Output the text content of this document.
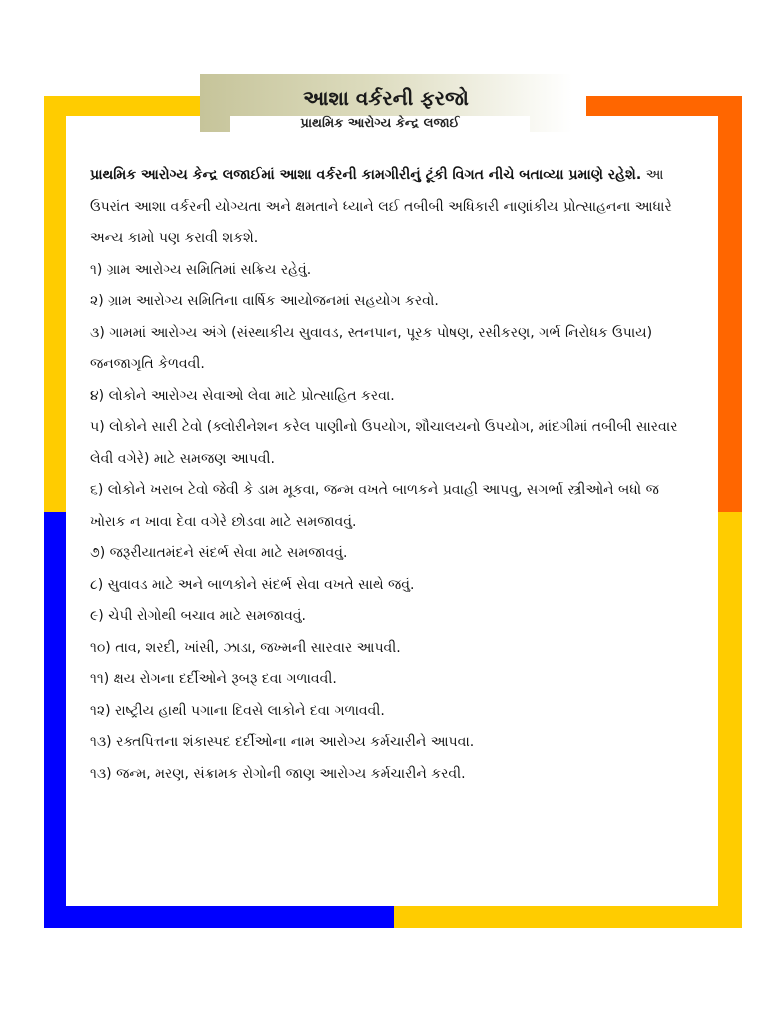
આશા વર્કરની ફરજો
પ્રાથમિક આરોગ્ય કેન્દ્ર લજાઈ

પ્રાથમિક આરોગ્ય કેન્દ્ર લજાઈમાં આશા વર્કરની કામગીરીનું ટૂંકી વિગત નીચે બતાવ્યા પ્રમાણે રહેશે. આ ઉપરાંત આશા વર્કરની યોગ્યતા અને ક્ષમતાને ધ્યાને લઈ તબીબી અધિકારી નાણાંકીય પ્રોત્સાહનના આધારે અન્ય કામો પણ કરાવી શકશે.

૧) ગ્રામ આરોગ્ય સમિતિમાં સક્રિય રહેવું.
૨) ગ્રામ આરોગ્ય સમિતિના વાર્ષિક આયોજનમાં સહયોગ કરવો.
૩) ગામમાં આરોગ્ય અંગે (સંસ્થાકીય સુવાવડ, સ્તનપાન, પૂરક પોષણ, રસીકરણ, ગર્ભ નિરોધક ઉપાય) જનજાગૃતિ કેળવવી.
૪) લોકોને આરોગ્ય સેવાઓ લેવા માટે પ્રોત્સાહિત કરવા.
૫) લોકોને સારી ટેવો (ક્લોરીનેશન કરેલ પાણીનો ઉપયોગ, શૌચાલયનો ઉપયોગ, માંદગીમાં તબીબી સારવાર લેવી વગેરે) માટે સમજણ આપવી.
૬) લોકોને ખરાબ ટેવો જેવી કે ડામ મૂકવા, જન્મ વખતે બાળકને પ્રવાહી આપવુ, સગર્ભા સ્ત્રીઓને બધો જ ખોરાક ન ખાવા દેવા વગેરે છોડવા માટે સમજાવવું.
૭) જરૂરીયાતમંદને સંદર્ભ સેવા માટે સમજાવવું.
૮) સુવાવડ માટે અને બાળકોને સંદર્ભ સેવા વખતે સાથે જવું.
૯) ચેપી રોગોથી બચાવ માટે સમજાવવું.
૧૦) તાવ, શરદી, ખાંસી, ઝાડા, જખ્મની સારવાર આપવી.
૧૧) ક્ષય રોગના દર્દીઓને રૂબરૂ દવા ગળાવવી.
૧૨) રાષ્ટ્રીય હાથી પગાના દિવસે લાકોને દવા ગળાવવી.
૧૩) રક્તપિત્તના શંકાસ્પદ દર્દીઓના નામ આરોગ્ય કર્મચારીને આપવા.
૧૩) જન્મ, મરણ, સંક્રામક રોગોની જાણ આરોગ્ય કર્મચારીને કરવી.
